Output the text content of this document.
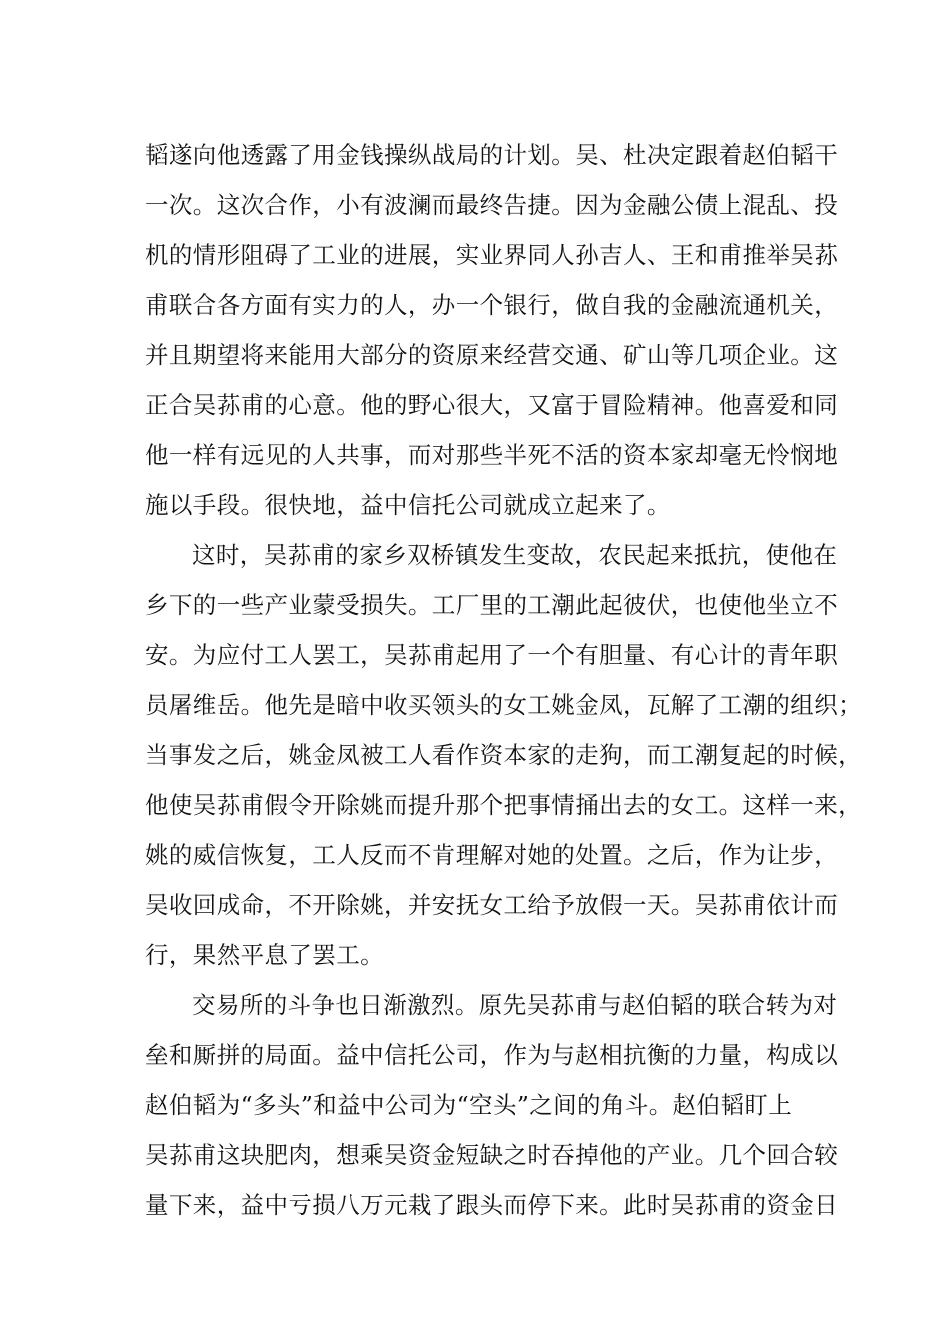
韬遂向他透露了用金钱操纵战局的计划。吴、杜决定跟着赵伯韬干
一次。这次合作，小有波澜而最终告捷。因为金融公债上混乱、投
机的情形阻碍了工业的进展，实业界同人孙吉人、王和甫推举吴荪
甫联合各方面有实力的人，办一个银行，做自我的金融流通机关，
并且期望将来能用大部分的资原来经营交通、矿山等几项企业。这
正合吴荪甫的心意。他的野心很大，又富于冒险精神。他喜爱和同
他一样有远见的人共事，而对那些半死不活的资本家却毫无怜悯地
施以手段。很快地，益中信托公司就成立起来了。
这时，吴荪甫的家乡双桥镇发生变故，农民起来抵抗，使他在
乡下的一些产业蒙受损失。工厂里的工潮此起彼伏，也使他坐立不
安。为应付工人罢工，吴荪甫起用了一个有胆量、有心计的青年职
员屠维岳。他先是暗中收买领头的女工姚金凤，瓦解了工潮的组织；
当事发之后，姚金凤被工人看作资本家的走狗，而工潮复起的时候，
他使吴荪甫假令开除姚而提升那个把事情捅出去的女工。这样一来，
姚的威信恢复，工人反而不肯理解对她的处置。之后，作为让步，
吴收回成命，不开除姚，并安抚女工给予放假一天。吴荪甫依计而
行，果然平息了罢工。
交易所的斗争也日渐激烈。原先吴荪甫与赵伯韬的联合转为对
垒和厮拼的局面。益中信托公司，作为与赵相抗衡的力量，构成以
赵伯韬为“多头”和益中公司为“空头”之间的角斗。赵伯韬盯上
吴荪甫这块肥肉，想乘吴资金短缺之时吞掉他的产业。几个回合较
量下来，益中亏损八万元栽了跟头而停下来。此时吴荪甫的资金日
